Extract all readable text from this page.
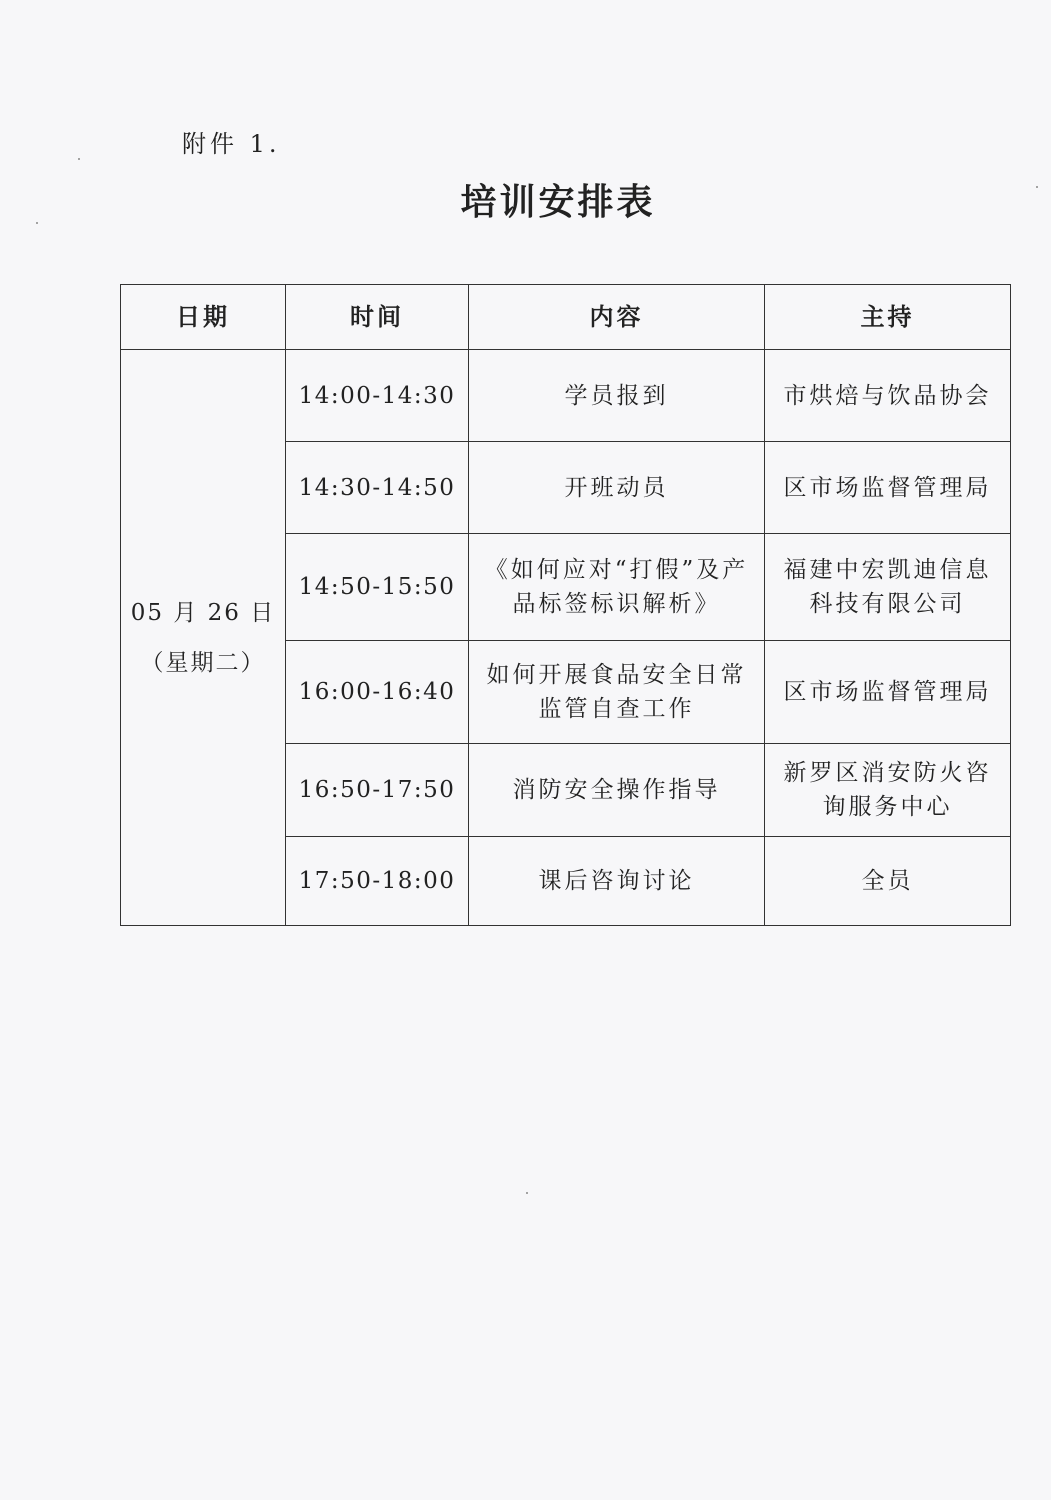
附件 1.
培训安排表
日期	时间	内容	主持

05 月 26 日
（星期二）	14:00-14:30	学员报到	市烘焙与饮品协会
	14:30-14:50	开班动员	区市场监督管理局
	14:50-15:50	《如何应对“打假”及产品标签标识解析》	福建中宏凯迪信息科技有限公司
	16:00-16:40	如何开展食品安全日常监管自查工作	区市场监督管理局
	16:50-17:50	消防安全操作指导	新罗区消安防火咨询服务中心
	17:50-18:00	课后咨询讨论	全员
